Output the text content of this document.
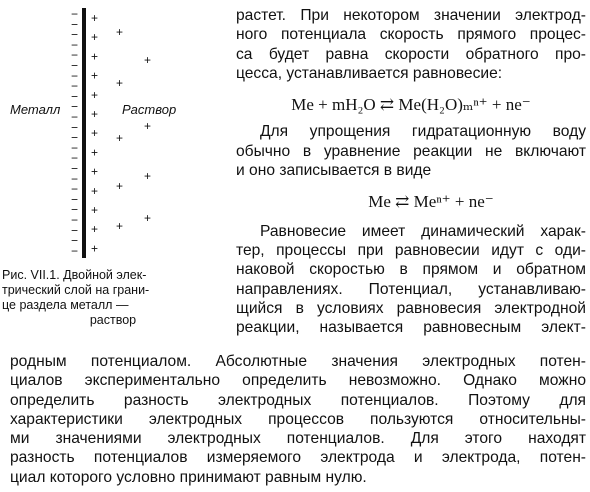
−
−
−
−
−
−
−
−
−
−
−
−
−
−
−
−
−
−
−
−
−
−
−
−
+
+
+
+
+
+
+
+
+
+
+
+
+
+
+
+
+
+
+
+
+
+
Металл	Раствор
Рис. VII.1. Двойной элек-
трический слой на грани-
це раздела металл —
раствор
растет. При некотором значении электрод-
ного потенциала скорость прямого процес-
са будет равна скорости обратного про-
цесса, устанавливается равновесие:
Me + mH₂O ⇄ Me(H₂O)ₘⁿ⁺ + ne⁻
Для упрощения гидратационную воду
обычно в уравнение реакции не включают
и оно записывается в виде
Me ⇄ Meⁿ⁺ + ne⁻
Равновесие имеет динамический харак-
тер, процессы при равновесии идут с оди-
наковой скоростью в прямом и обратном
направлениях. Потенциал, устанавливаю-
щийся в условиях равновесия электродной
реакции, называется равновесным элект-
родным потенциалом. Абсолютные значения электродных потен-
циалов экспериментально определить невозможно. Однако можно
определить разность электродных потенциалов. Поэтому для
характеристики электродных процессов пользуются относительны-
ми значениями электродных потенциалов. Для этого находят
разность потенциалов измеряемого электрода и электрода, потен-
циал которого условно принимают равным нулю.
